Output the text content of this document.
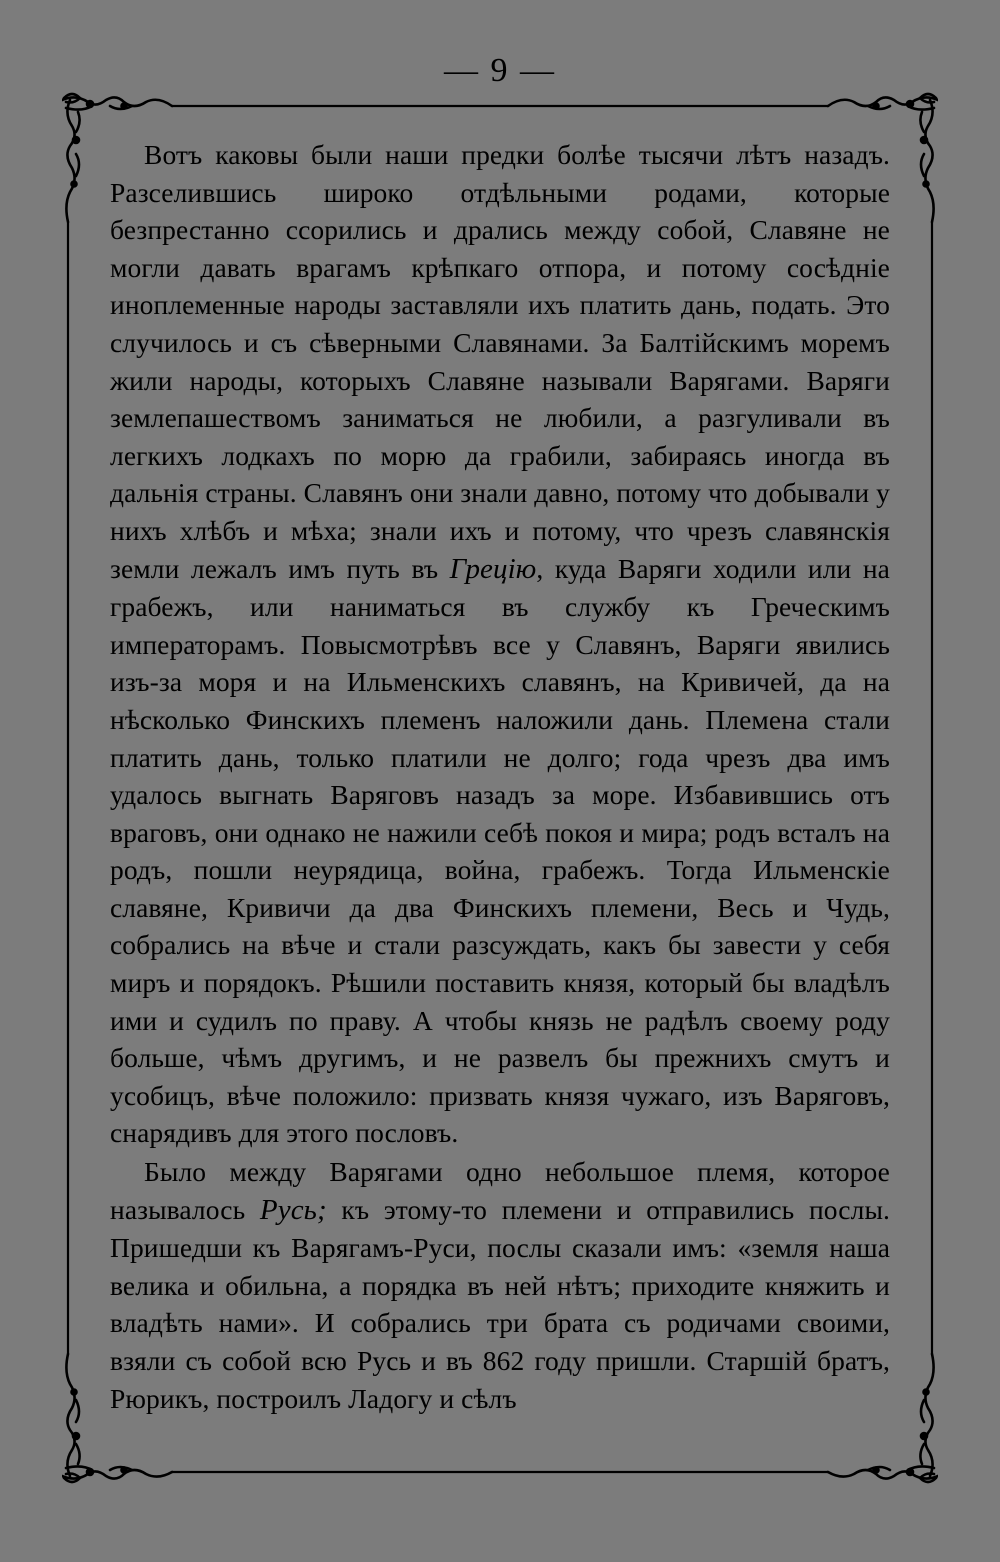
— 9 —

Вотъ каковы были наши предки болѣе тысячи лѣтъ назадъ. Разселившись широко отдѣльными родами, которые безпрестанно ссорились и дрались между собой, Славяне не могли давать врагамъ крѣпкаго отпора, и потому сосѣдніе иноплеменные народы заставляли ихъ платить дань, подать. Это случилось и съ сѣверными Славянами. За Балтійскимъ моремъ жили народы, которыхъ Славяне называли Варягами. Варяги землепашествомъ заниматься не любили, а разгуливали въ легкихъ лодкахъ по морю да грабили, забираясь иногда въ дальнія страны. Славянъ они знали давно, потому что добывали у нихъ хлѣбъ и мѣха; знали ихъ и потому, что чрезъ славянскія земли лежалъ имъ путь въ Грецію, куда Варяги ходили или на грабежъ, или наниматься въ службу къ Греческимъ императорамъ. Повысмотрѣвъ все у Славянъ, Варяги явились изъ-за моря и на Ильменскихъ славянъ, на Кривичей, да на нѣсколько Финскихъ племенъ наложили дань. Племена стали платить дань, только платили не долго; года чрезъ два имъ удалось выгнать Варяговъ назадъ за море. Избавившись отъ враговъ, они однако не нажили себѣ покоя и мира; родъ всталъ на родъ, пошли неурядица, война, грабежъ. Тогда Ильменскіе славяне, Кривичи да два Финскихъ племени, Весь и Чудь, собрались на вѣче и стали разсуждать, какъ бы завести у себя миръ и порядокъ. Рѣшили поставить князя, который бы владѣлъ ими и судилъ по праву. А чтобы князь не радѣлъ своему роду больше, чѣмъ другимъ, и не развелъ бы прежнихъ смутъ и усобицъ, вѣче положило: призвать князя чужаго, изъ Варяговъ, снарядивъ для этого пословъ.

Было между Варягами одно небольшое племя, которое называлось Русь; къ этому-то племени и отправились послы. Пришедши къ Варягамъ-Руси, послы сказали имъ: «земля наша велика и обильна, а порядка въ ней нѣтъ; приходите княжить и владѣть нами». И собрались три брата съ родичами своими, взяли съ собой всю Русь и въ 862 году пришли. Старшій братъ, Рюрикъ, построилъ Ладогу и сѣлъ
